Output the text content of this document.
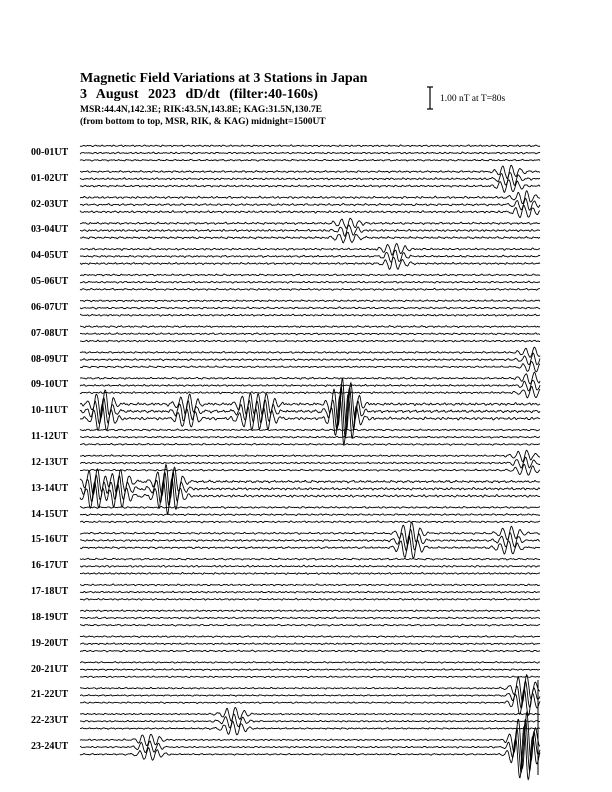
Magnetic Field Variations at 3 Stations in Japan
3 August 2023 dD/dt (filter:40-160s)
MSR:44.4N,142.3E; RIK:43.5N,143.8E; KAG:31.5N,130.7E
(from bottom to top, MSR, RIK, & KAG) midnight=1500UT
1.00 nT at T=80s
00-01UT
01-02UT
02-03UT
03-04UT
04-05UT
05-06UT
06-07UT
07-08UT
08-09UT
09-10UT
10-11UT
11-12UT
12-13UT
13-14UT
14-15UT
15-16UT
16-17UT
17-18UT
18-19UT
19-20UT
20-21UT
21-22UT
22-23UT
23-24UT
